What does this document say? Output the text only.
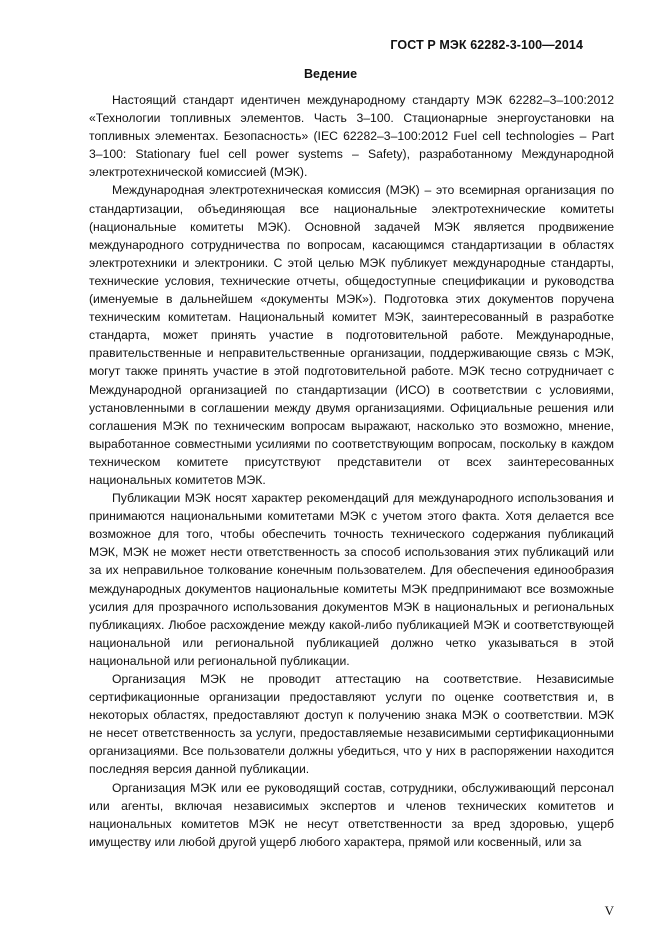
ГОСТ Р МЭК 62282-3-100—2014
Ведение

Настоящий стандарт идентичен международному стандарту МЭК 62282–3–100:2012 «Технологии топливных элементов. Часть 3–100. Стационарные энергоустановки на топливных элементах. Безопасность» (IEC 62282–3–100:2012 Fuel cell technologies – Part 3–100: Stationary fuel cell power systems – Safety), разработанному Международной электротехнической комиссией (МЭК).

Международная электротехническая комиссия (МЭК) – это всемирная организация по стандартизации, объединяющая все национальные электротехнические комитеты (национальные комитеты МЭК). Основной задачей МЭК является продвижение международного сотрудничества по вопросам, касающимся стандартизации в областях электротехники и электроники. С этой целью МЭК публикует международные стандарты, технические условия, технические отчеты, общедоступные спецификации и руководства (именуемые в дальнейшем «документы МЭК»). Подготовка этих документов поручена техническим комитетам. Национальный комитет МЭК, заинтересованный в разработке стандарта, может принять участие в подготовительной работе. Международные, правительственные и неправительственные организации, поддерживающие связь с МЭК, могут также принять участие в этой подготовительной работе. МЭК тесно сотрудничает с Международной организацией по стандартизации (ИСО) в соответствии с условиями, установленными в соглашении между двумя организациями. Официальные решения или соглашения МЭК по техническим вопросам выражают, насколько это возможно, мнение, выработанное совместными усилиями по соответствующим вопросам, поскольку в каждом техническом комитете присутствуют представители от всех заинтересованных национальных комитетов МЭК.

Публикации МЭК носят характер рекомендаций для международного использования и принимаются национальными комитетами МЭК с учетом этого факта. Хотя делается все возможное для того, чтобы обеспечить точность технического содержания публикаций МЭК, МЭК не может нести ответственность за способ использования этих публикаций или за их неправильное толкование конечным пользователем. Для обеспечения единообразия международных документов национальные комитеты МЭК предпринимают все возможные усилия для прозрачного использования документов МЭК в национальных и региональных публикациях. Любое расхождение между какой-либо публикацией МЭК и соответствующей национальной или региональной публикацией должно четко указываться в этой национальной или региональной публикации.

Организация МЭК не проводит аттестацию на соответствие. Независимые сертификационные организации предоставляют услуги по оценке соответствия и, в некоторых областях, предоставляют доступ к получению знака МЭК о соответствии. МЭК не несет ответственность за услуги, предоставляемые независимыми сертификационными организациями. Все пользователи должны убедиться, что у них в распоряжении находится последняя версия данной публикации.

Организация МЭК или ее руководящий состав, сотрудники, обслуживающий персонал или агенты, включая независимых экспертов и членов технических комитетов и национальных комитетов МЭК не несут ответственности за вред здоровью, ущерб имуществу или любой другой ущерб любого характера, прямой или косвенный, или за

V
